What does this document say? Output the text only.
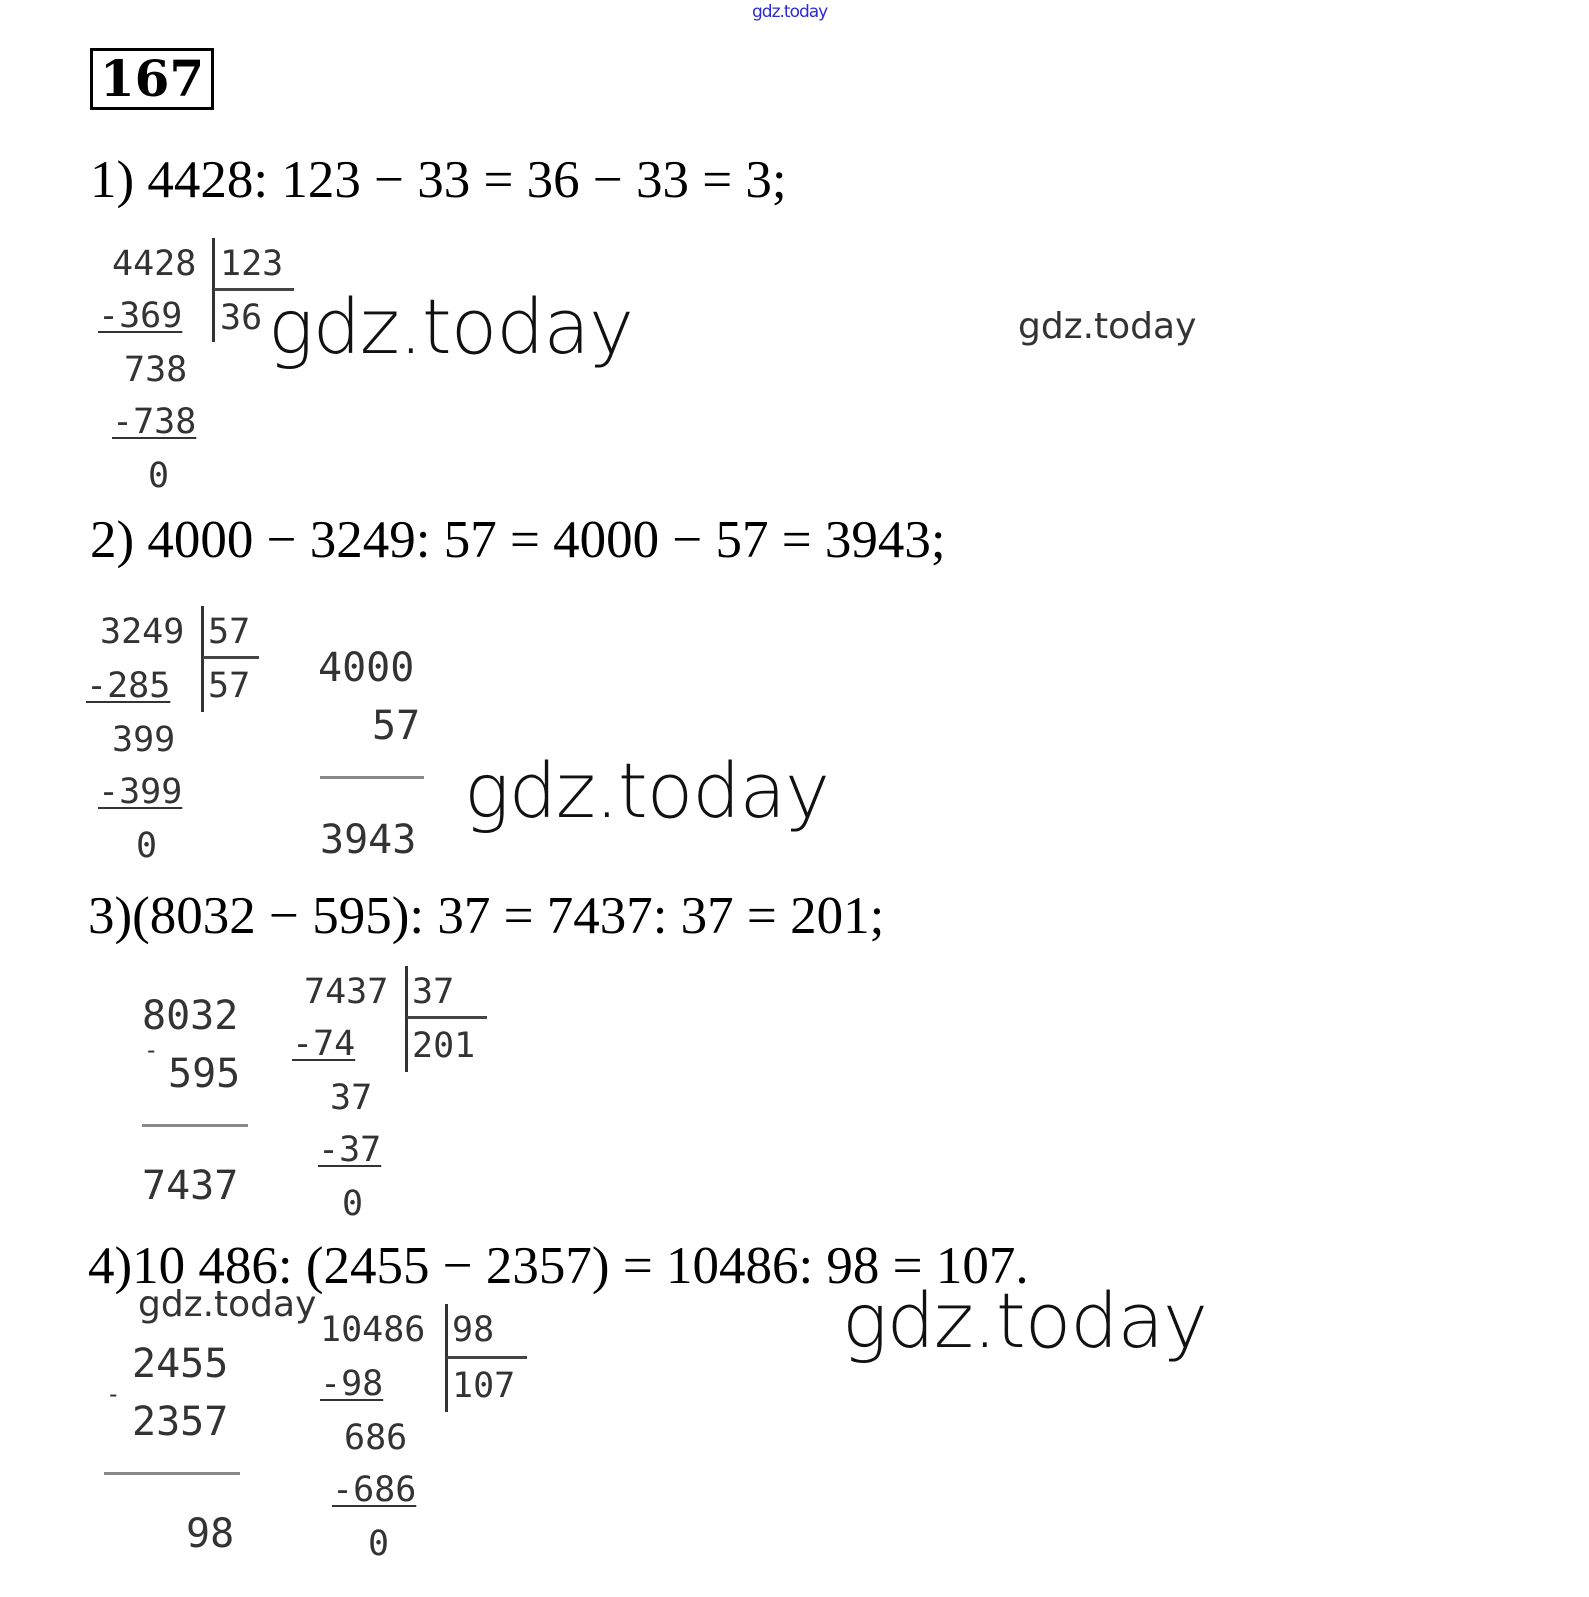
gdz.today
167
1) 4428: 123 − 33 = 36 − 33 = 3;
4428 123
36
-369
738
-738
0
gdz.today	gdz.today
2) 4000 − 3249: 57 = 4000 − 57 = 3943;
3249 57
57
-285
399
-399
0
4000
57
3943
gdz.today
3)(8032 − 595): 37 = 7437: 37 = 201;
8032
-
595
7437
7437 37
201
-74
37
-37
0
4)10 486: (2455 − 2357) = 10486: 98 = 107.
gdz.today
2455
-
2357
98
10486 98
107
-98
686
-686
0
gdz.today
